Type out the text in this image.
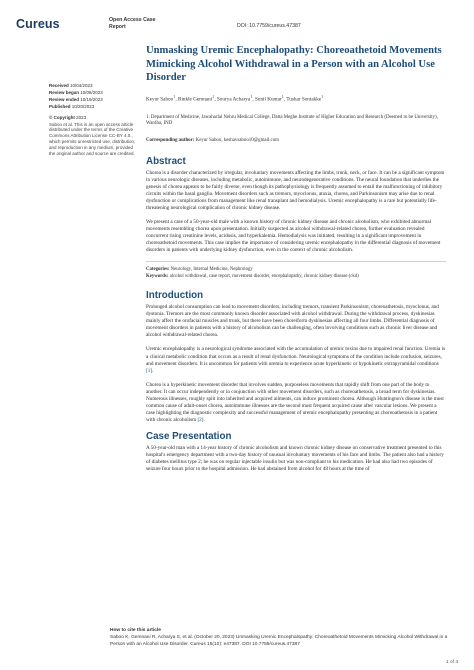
Cureus	Open Access Case
Report	DOI: 10.7759/cureus.47387
Received 10/04/2023
Review began 10/08/2023
Review ended 10/19/2023
Published 10/20/2023
© Copyright 2023

Saboo et al. This is an open access article distributed under the terms of the Creative Commons Attribution License CC-BY 4.0., which permits unrestricted use, distribution, and reproduction in any medium, provided the original author and source are credited.

Unmasking Uremic Encephalopathy: Choreoathetoid Movements Mimicking Alcohol Withdrawal in a Person with an Alcohol Use Disorder
Keyur Saboo$^1$, Rinkle Gemnani$^1$, Sourya Acharya$^1$, Sunil Kumar$^1$, Tushar Sontakke$^1$
1. Department of Medicine, Jawaharlal Nehru Medical College, Datta Meghe Institute of Higher Education and Research (Deemed to be University), Wardha, IND
Corresponding author: Keyur Saboo, keshavsaboo10@gmail.com
Abstract

Chorea is a disorder characterized by irregular, involuntary movements affecting the limbs, trunk, neck, or face. It can be a significant symptom in various neurologic diseases, including metabolic, autoimmune, and neurodegenerative conditions. The neural foundation that underlies the genesis of chorea appears to be fairly diverse, even though its pathophysiology is frequently assumed to entail the malfunctioning of inhibitory circuits within the basal ganglia. Movement disorders such as tremors, myoclonus, ataxia, chorea, and Parkinsonism may arise due to renal dysfunction or complications from management like renal transplant and hemodialysis. Uremic encephalopathy is a rare but potentially life-threatening neurological complication of chronic kidney disease.

We present a case of a 50-year-old male with a known history of chronic kidney disease and chronic alcoholism, who exhibited abnormal movements resembling chorea upon presentation. Initially suspected as alcohol withdrawal-related chorea, further evaluation revealed concurrent rising creatinine levels, acidosis, and hyperkalemia. Hemodialysis was initiated, resulting in a significant improvement in choreoathetoid movements. This case implies the importance of considering uremic encephalopathy in the differential diagnosis of movement disorders in patients with underlying kidney dysfunction, even in the context of chronic alcoholism.

Categories: Neurology, Internal Medicine, Nephrology
Keywords: alcohol withdrawal, case report, movement disorder, encephalopathy, chronic kidney disease (ckd)
Introduction

Prolonged alcohol consumption can lead to movement disorders, including tremors, transient Parkinsonism, choreoathetosis, myoclonus, and dystonia. Tremors are the most commonly known disorder associated with alcohol withdrawal. During the withdrawal process, dyskinesias mainly affect the orofacial muscles and trunk, but there have been choreiform dyskinesias affecting all four limbs. Differential diagnosis of movement disorders in patients with a history of alcoholism can be challenging, often involving conditions such as chronic liver disease and alcohol withdrawal-related chorea.

Uremic encephalopathy is a neurological syndrome associated with the accumulation of uremic toxins due to impaired renal function. Uremia is a clinical metabolic condition that occurs as a result of renal dysfunction. Neurological symptoms of the condition include confusion, seizures, and movement disorders. It is uncommon for patients with uremia to experience acute hyperkinetic or hypokinetic extrapyramidal conditions [1].

Chorea is a hyperkinetic movement disorder that involves sudden, purposeless movements that rapidly shift from one part of the body to another. It can occur independently or in conjunction with other movement disorders, such as choreoathetosis, a broad term for dyskinesias. Numerous illnesses, roughly split into inherited and acquired ailments, can induce prominent chorea. Although Huntington's disease is the most common cause of adult-onset chorea, autoimmune illnesses are the second most frequent acquired cause after vascular lesions. We present a case highlighting the diagnostic complexity and successful management of uremic encephalopathy presenting as choreoathetosis in a patient with chronic alcoholism [2].

Case Presentation

A 50-year-old man with a 14-year history of chronic alcoholism and known chronic kidney disease on conservative treatment presented to this hospital's emergency department with a two-day history of unusual involuntary movements of his face and limbs. The patient also had a history of diabetes mellitus type 2; he was on regular injectable insulin but was non-compliant to his medication. He had also had two episodes of seizure four hours prior to the hospital admission. He had abstained from alcohol for 48 hours at the time of

How to cite this article
Saboo K, Gemnani R, Acharya S, et al. (October 20, 2023) Unmasking Uremic Encephalopathy: Choreoathetoid Movements Mimicking Alcohol Withdrawal in a Person with an Alcohol Use Disorder. Cureus 15(10): e47387. DOI 10.7759/cureus.47387
1 of 4
